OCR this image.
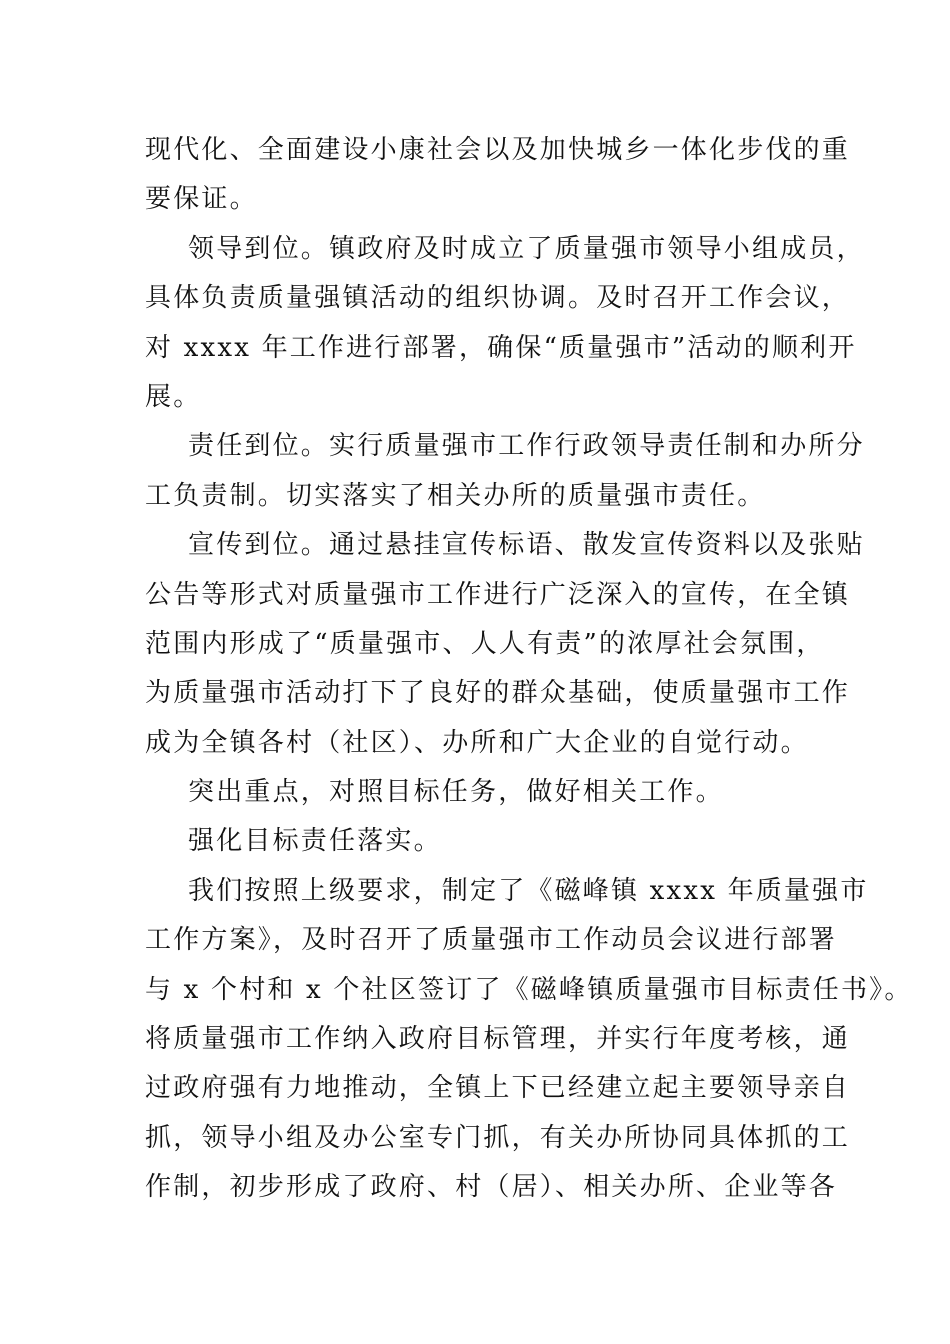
现代化、全面建设小康社会以及加快城乡一体化步伐的重
要保证。
领导到位。镇政府及时成立了质量强市领导小组成员，
具体负责质量强镇活动的组织协调。及时召开工作会议，
对 xxxx 年工作进行部署，确保“质量强市”活动的顺利开
展。
责任到位。实行质量强市工作行政领导责任制和办所分
工负责制。切实落实了相关办所的质量强市责任。
宣传到位。通过悬挂宣传标语、散发宣传资料以及张贴
公告等形式对质量强市工作进行广泛深入的宣传，在全镇
范围内形成了“质量强市、人人有责”的浓厚社会氛围，
为质量强市活动打下了良好的群众基础，使质量强市工作
成为全镇各村（社区）、办所和广大企业的自觉行动。
突出重点，对照目标任务，做好相关工作。
强化目标责任落实。
我们按照上级要求，制定了《磁峰镇 xxxx 年质量强市
工作方案》，及时召开了质量强市工作动员会议进行部署
与 x 个村和 x 个社区签订了《磁峰镇质量强市目标责任书》。
将质量强市工作纳入政府目标管理，并实行年度考核，通
过政府强有力地推动，全镇上下已经建立起主要领导亲自
抓，领导小组及办公室专门抓，有关办所协同具体抓的工
作制，初步形成了政府、村（居）、相关办所、企业等各
